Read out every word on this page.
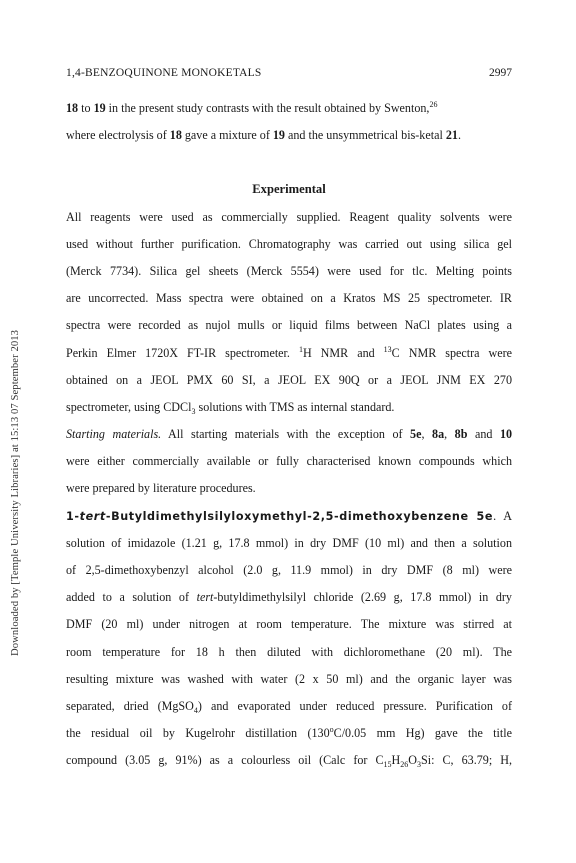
Downloaded by [Temple University Libraries] at 15:13 07 September 2013
1,4-BENZOQUINONE MONOKETALS	2997
18 to 19 in the present study contrasts with the result obtained by Swenton,$^{26}$
where electrolysis of 18 gave a mixture of 19 and the unsymmetrical bis-ketal 21.
Experimental
All reagents were used as commercially supplied. Reagent quality solvents were
used without further purification. Chromatography was carried out using silica gel
(Merck 7734). Silica gel sheets (Merck 5554) were used for tlc. Melting points
are uncorrected. Mass spectra were obtained on a Kratos MS 25 spectrometer. IR
spectra were recorded as nujol mulls or liquid films between NaCl plates using a
Perkin Elmer 1720X FT-IR spectrometer. $^1$H NMR and $^{13}$C NMR spectra were
obtained on a JEOL PMX 60 SI, a JEOL EX 90Q or a JEOL JNM EX 270
spectrometer, using CDCl$_3$ solutions with TMS as internal standard.
Starting materials. All starting materials with the exception of 5e, 8a, 8b and 10
were either commercially available or fully characterised known compounds which
were prepared by literature procedures.
1-tert-Butyldimethylsilyloxymethyl-2,5-dimethoxybenzene 5e. A
solution of imidazole (1.21 g, 17.8 mmol) in dry DMF (10 ml) and then a solution
of 2,5-dimethoxybenzyl alcohol (2.0 g, 11.9 mmol) in dry DMF (8 ml) were
added to a solution of tert-butyldimethylsilyl chloride (2.69 g, 17.8 mmol) in dry
DMF (20 ml) under nitrogen at room temperature. The mixture was stirred at
room temperature for 18 h then diluted with dichloromethane (20 ml). The
resulting mixture was washed with water (2 x 50 ml) and the organic layer was
separated, dried (MgSO$_4$) and evaporated under reduced pressure. Purification of
the residual oil by Kugelrohr distillation (130$^o$C/0.05 mm Hg) gave the title
compound (3.05 g, 91%) as a colourless oil (Calc for $C_{15}H_{26}O_3Si$: C, 63.79; H,
